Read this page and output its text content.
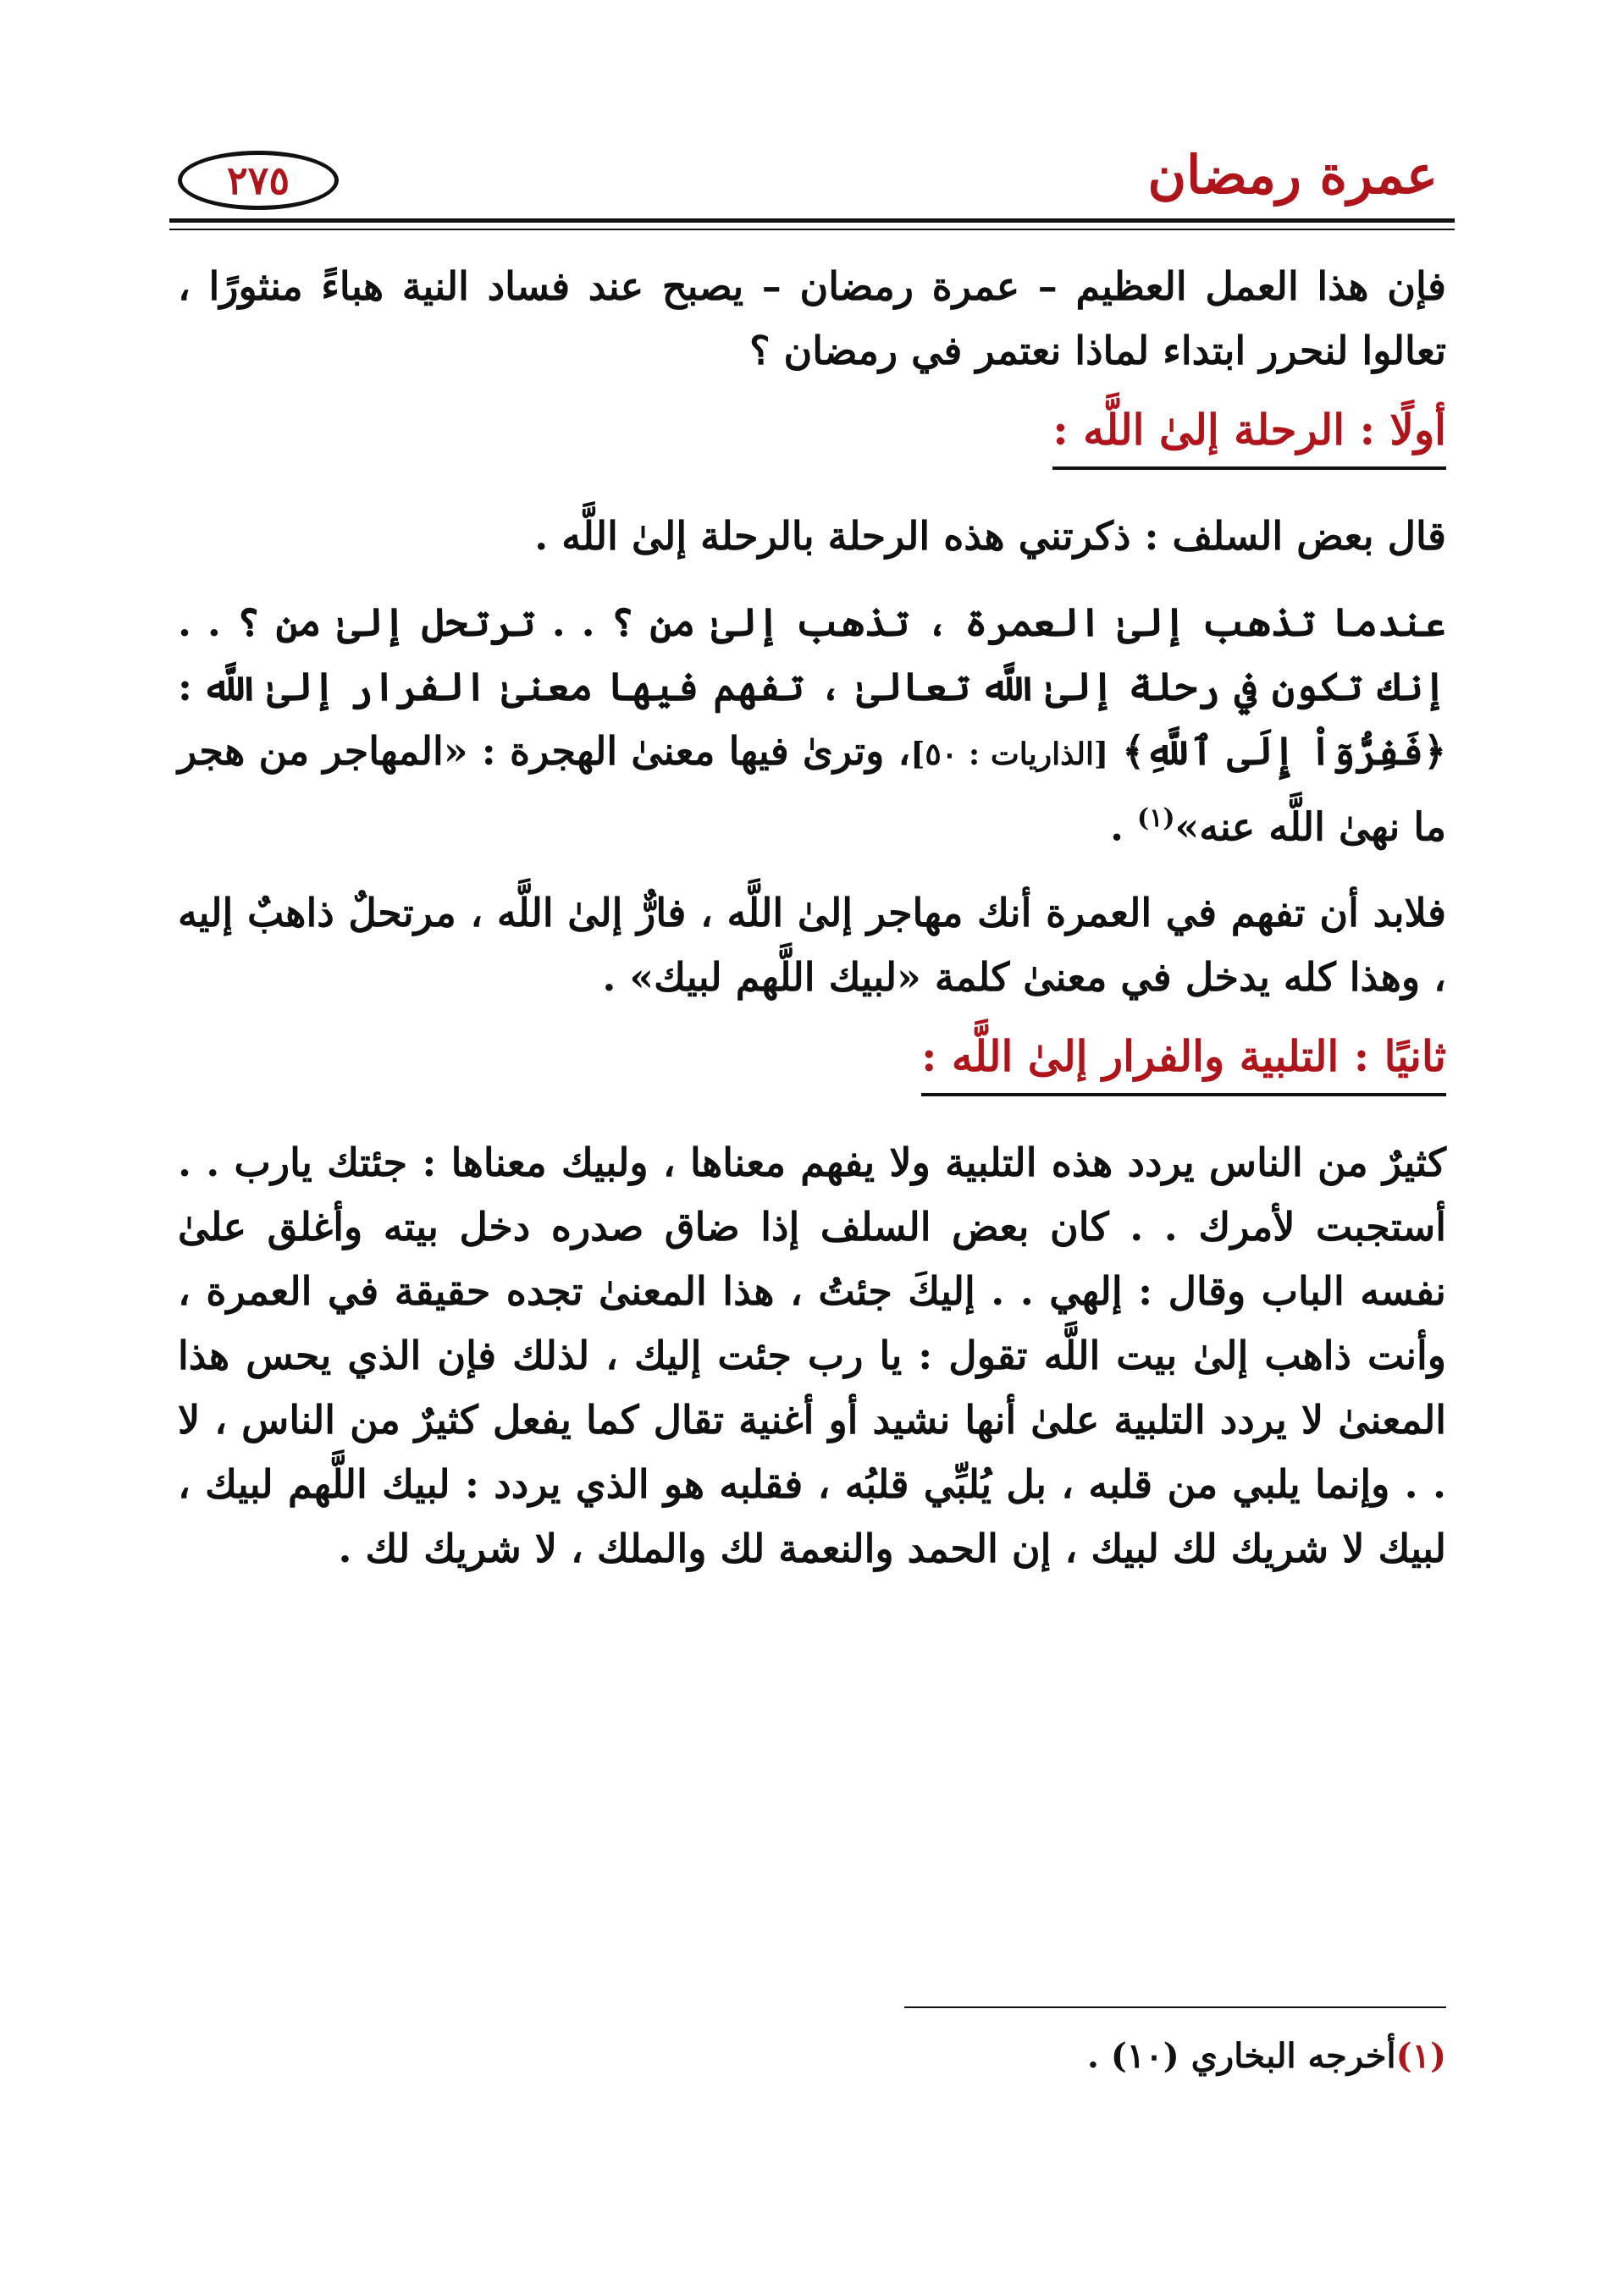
عمرة رمضان
٢٧٥

فإن هذا العمل العظيم – عمرة رمضان – يصبح عند فساد النية هباءً منثورًا ، تعالوا لنحرر ابتداء لماذا نعتمر في رمضان ؟

أولًا : الرحلة إلىٰ اللَّه :

قال بعض السلف : ذكرتني هذه الرحلة بالرحلة إلىٰ اللَّه .

عندما تذهب إلىٰ العمرة ، تذهب إلىٰ من ؟ . . ترتحل إلىٰ من ؟ . . إنك تكون في رحلة إلىٰ اللَّه تعالىٰ ، تفهم فيها معنىٰ الفرار إلىٰ اللَّه : ﴿فَفِرُّوٓاْ إِلَى ٱللَّهِ﴾ [الذاريات : ٥٠]، وترىٰ فيها معنىٰ الهجرة : «المهاجر من هجر ما نهىٰ اللَّه عنه»$^{(١)}$ .

فلابد أن تفهم في العمرة أنك مهاجر إلىٰ اللَّه ، فارٌّ إلىٰ اللَّه ، مرتحلٌ ذاهبٌ إليه ، وهذا كله يدخل في معنىٰ كلمة «لبيك اللَّهم لبيك» .

ثانيًا : التلبية والفرار إلىٰ اللَّه :

كثيرٌ من الناس يردد هذه التلبية ولا يفهم معناها ، ولبيك معناها : جئتك يارب . . أستجبت لأمرك . . كان بعض السلف إذا ضاق صدره دخل بيته وأغلق علىٰ نفسه الباب وقال : إلهي . . إليكَ جئتُ ، هذا المعنىٰ تجده حقيقة في العمرة ، وأنت ذاهب إلىٰ بيت اللَّه تقول : يا رب جئت إليك ، لذلك فإن الذي يحس هذا المعنىٰ لا يردد التلبية علىٰ أنها نشيد أو أغنية تقال كما يفعل كثيرٌ من الناس ، لا . . وإنما يلبي من قلبه ، بل يُلبِّي قلبُه ، فقلبه هو الذي يردد : لبيك اللَّهم لبيك ، لبيك لا شريك لك لبيك ، إن الحمد والنعمة لك والملك ، لا شريك لك .

(١)أخرجه البخاري (١٠) .
